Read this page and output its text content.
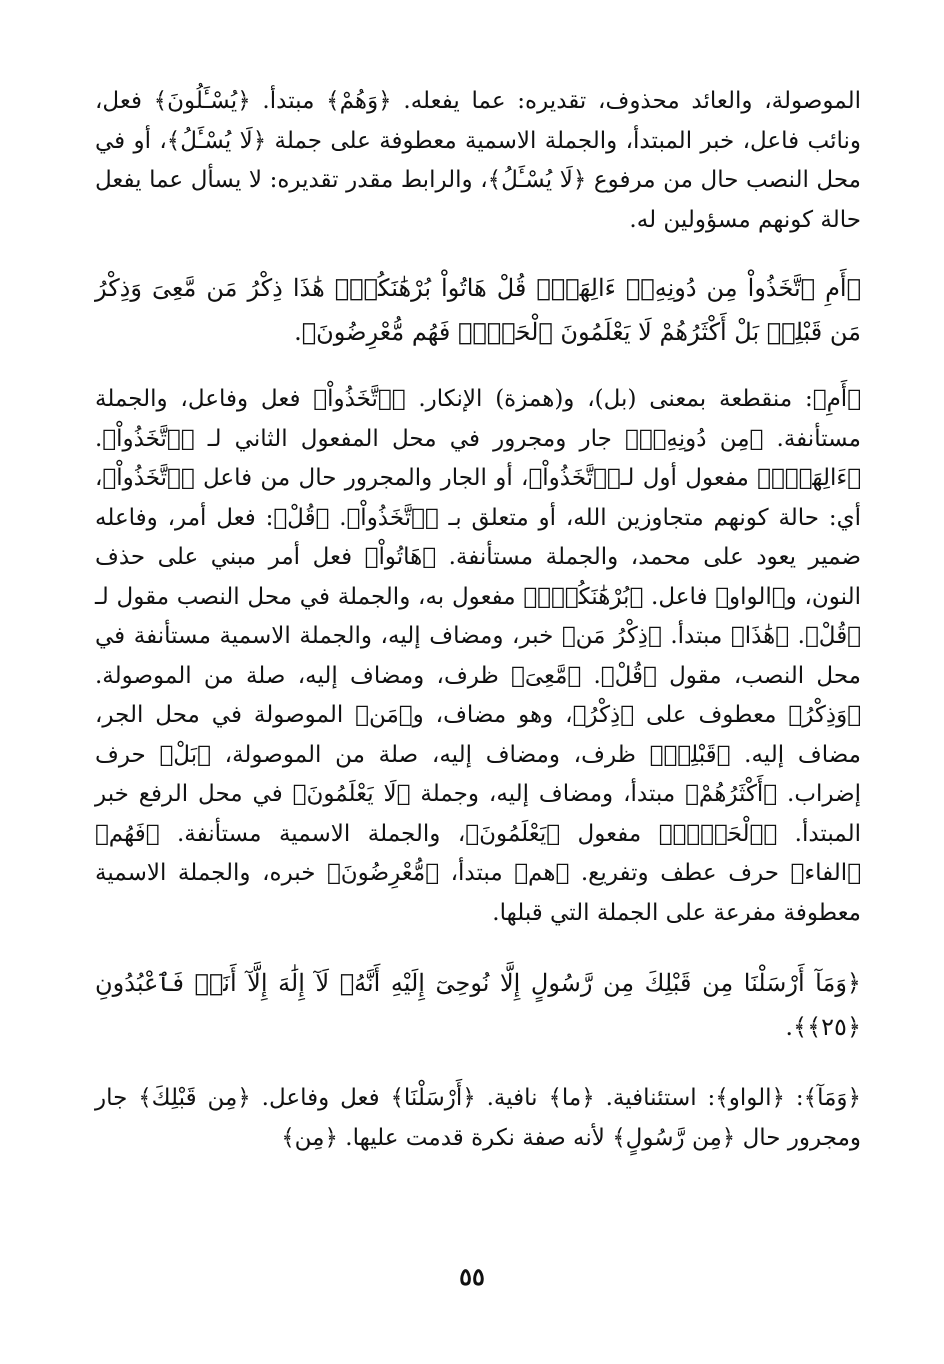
الموصولة، والعائد محذوف، تقديره: عما يفعله. ﴿وَهُمْ﴾ مبتدأ. ﴿يُسْـَٔلُونَ﴾ فعل، ونائب فاعل، خبر المبتدأ، والجملة الاسمية معطوفة على جملة ﴿لَا يُسْـَٔلُ﴾، أو في محل النصب حال من مرفوع ﴿لَا يُسْـَٔلُ﴾، والرابط مقدر تقديره: لا يسأل عما يفعل حالة كونهم مسؤولين له.

﴿أَمِ ٱتَّخَذُواْ مِن دُونِهِۦٓ ءَالِهَةًۖ قُلْ هَاتُواْ بُرْهَٰنَكُمْۖ هَٰذَا ذِكْرُ مَن مَّعِىَ وَذِكْرُ مَن قَبْلِىۗ بَلْ أَكْثَرُهُمْ لَا يَعْلَمُونَ ٱلْحَقَّۖ فَهُم مُّعْرِضُونَ﴾.

﴿أَمِ﴾: منقطعة بمعنى (بل)، و(همزة) الإنكار. ﴿ٱتَّخَذُواْ﴾ فعل وفاعل، والجملة مستأنفة. ﴿مِن دُونِهِۦٓ﴾ جار ومجرور في محل المفعول الثاني لـ ﴿ٱتَّخَذُواْ﴾. ﴿ءَالِهَةًۖ﴾ مفعول أول لـ﴿ٱتَّخَذُواْ﴾، أو الجار والمجرور حال من فاعل ﴿ٱتَّخَذُواْ﴾، أي: حالة كونهم متجاوزين الله، أو متعلق بـ ﴿ٱتَّخَذُواْ﴾. ﴿قُلْ﴾: فعل أمر، وفاعله ضمير يعود على محمد، والجملة مستأنفة. ﴿هَاتُواْ﴾ فعل أمر مبني على حذف النون، و﴿الواو﴾ فاعل. ﴿بُرْهَٰنَكُمْۖ﴾ مفعول به، والجملة في محل النصب مقول لـ ﴿قُلْ﴾. ﴿هَٰذَا﴾ مبتدأ. ﴿ذِكْرُ مَن﴾ خبر، ومضاف إليه، والجملة الاسمية مستأنفة في محل النصب، مقول ﴿قُلْ﴾. ﴿مَّعِىَ﴾ ظرف، ومضاف إليه، صلة من الموصولة. ﴿وَذِكْرُ﴾ معطوف على ﴿ذِكْرُ﴾، وهو مضاف، و﴿مَن﴾ الموصولة في محل الجر، مضاف إليه. ﴿قَبْلِىۗ﴾ ظرف، ومضاف إليه، صلة من الموصولة، ﴿بَلْ﴾ حرف إضراب. ﴿أَكْثَرُهُمْ﴾ مبتدأ، ومضاف إليه، وجملة ﴿لَا يَعْلَمُونَ﴾ في محل الرفع خبر المبتدأ. ﴿ٱلْحَقَّۖ﴾ مفعول ﴿يَعْلَمُونَ﴾، والجملة الاسمية مستأنفة. ﴿فَهُم﴾ ﴿الفاء﴾ حرف عطف وتفريع. ﴿هم﴾ مبتدأ، ﴿مُّعْرِضُونَ﴾ خبره، والجملة الاسمية معطوفة مفرعة على الجملة التي قبلها.

﴿وَمَآ أَرْسَلْنَا مِن قَبْلِكَ مِن رَّسُولٍ إِلَّا نُوحِىٓ إِلَيْهِ أَنَّهُۥ لَآ إِلَٰهَ إِلَّآ أَنَا۠ فَٱعْبُدُونِ ﴿٢٥﴾﴾.

﴿وَمَآ﴾: ﴿الواو﴾: استئنافية. ﴿ما﴾ نافية. ﴿أَرْسَلْنَا﴾ فعل وفاعل. ﴿مِن قَبْلِكَ﴾ جار ومجرور حال ﴿مِن رَّسُولٍ﴾ لأنه صفة نكرة قدمت عليها. ﴿مِن﴾

٥٥
